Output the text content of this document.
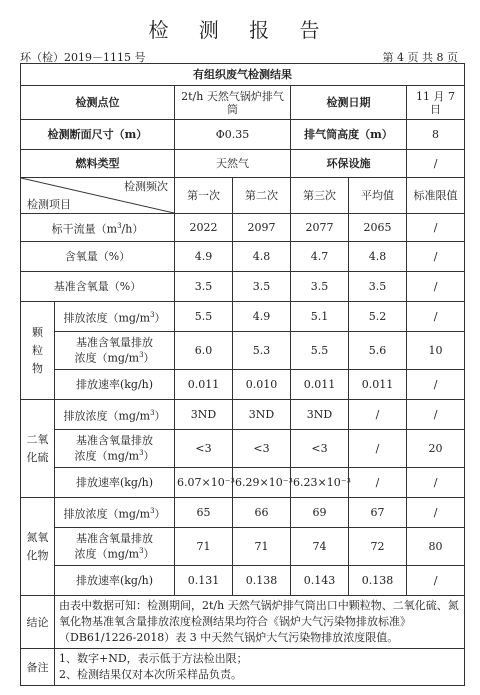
检 测 报 告
环（检）2019－1115 号	第 4 页 共 8 页
有组织废气检测结果						
检测点位		2t/h 天然气锅炉排气筒		检测日期		11 月 7 日
检测断面尺寸（m）		Φ0.35		排气筒高度（m）		8
燃料类型		天然气		环保设施		/

检测频次
检测项目		第一次	第二次	第三次	平均值	标准限值
标干流量$(m^3/h)$		2022	2097	2077	2065	/
含氧量（%）		4.9	4.8	4.7	4.8	/
基准含氧量（%）		3.5	3.5	3.5	3.5	/
颗
粒
物	排放浓度$(mg/m^3)$	5.5	4.9	5.1	5.2	/
	基准含氧量排放
浓度$(mg/m^3)$	6.0	5.3	5.5	5.6	10
	排放速率(kg/h)	0.011	0.010	0.011	0.011	/
二氧
化硫	排放浓度$(mg/m^3)$	3ND	3ND	3ND	/	/
	基准含氧量排放
浓度$(mg/m^3)$	<3	<3	<3	/	20
	排放速率(kg/h)	6.07×10⁻³	6.29×10⁻³	6.23×10⁻³	/	/
氮氧
化物	排放浓度$(mg/m^3)$	65	66	69	67	/
	基准含氧量排放
浓度$(mg/m^3)$	71	71	74	72	80
	排放速率(kg/h)	0.131	0.138	0.143	0.138	/
结论	由表中数据可知：检测期间，2t/h 天然气锅炉排气筒出口中颗粒物、二氧化硫、氮氧化物基准氧含量排放浓度检测结果均符合《锅炉大气污染物排放标准》（DB61/1226-2018）表 3 中天然气锅炉大气污染物排放浓度限值。					
备注	1、数字+ND，表示低于方法检出限；
2、检测结果仅对本次所采样品负责。					
